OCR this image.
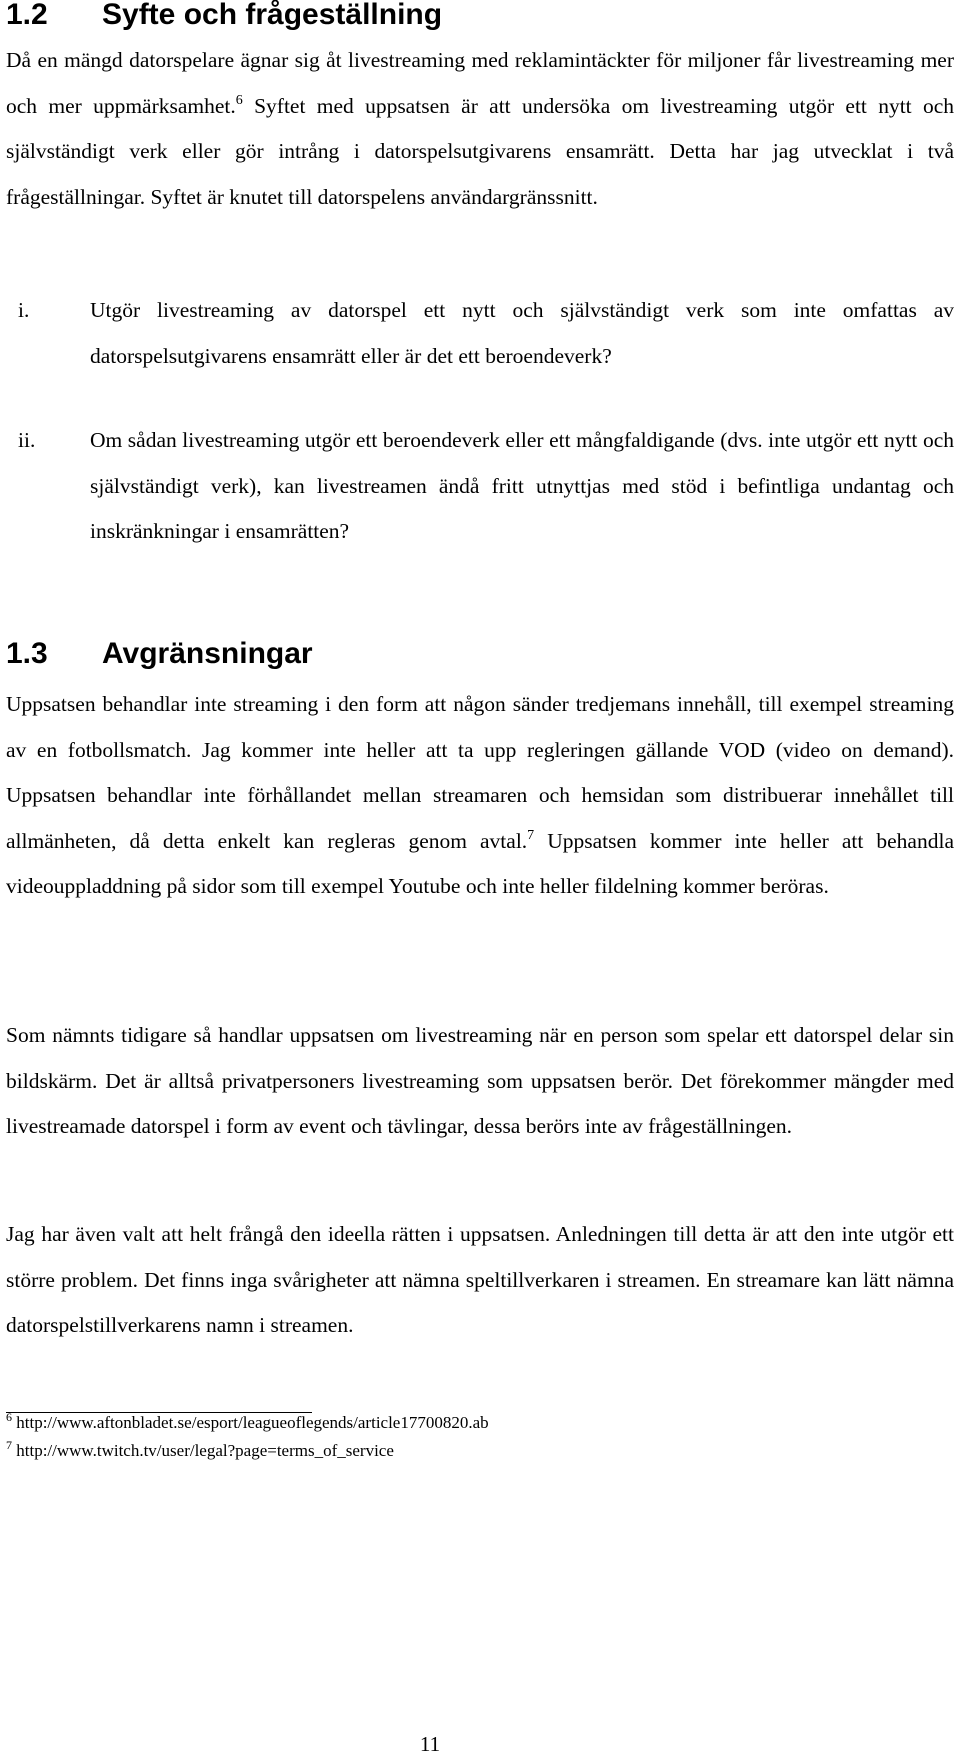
1.2 Syfte och frågeställning

Då en mängd datorspelare ägnar sig åt livestreaming med reklamintäckter för miljoner får livestreaming mer och mer uppmärksamhet.$^6$ Syftet med uppsatsen är att undersöka om livestreaming utgör ett nytt och självständigt verk eller gör intrång i datorspelsutgivarens ensamrätt. Detta har jag utvecklat i två frågeställningar. Syftet är knutet till datorspelens användargränssnitt.

i.	Utgör livestreaming av datorspel ett nytt och självständigt verk som inte omfattas av datorspelsutgivarens ensamrätt eller är det ett beroendeverk?

ii.	Om sådan livestreaming utgör ett beroendeverk eller ett mångfaldigande (dvs. inte utgör ett nytt och självständigt verk), kan livestreamen ändå fritt utnyttjas med stöd i befintliga undantag och inskränkningar i ensamrätten?

1.3 Avgränsningar

Uppsatsen behandlar inte streaming i den form att någon sänder tredjemans innehåll, till exempel streaming av en fotbollsmatch. Jag kommer inte heller att ta upp regleringen gällande VOD (video on demand). Uppsatsen behandlar inte förhållandet mellan streamaren och hemsidan som distribuerar innehållet till allmänheten, då detta enkelt kan regleras genom avtal.$^7$ Uppsatsen kommer inte heller att behandla videouppladdning på sidor som till exempel Youtube och inte heller fildelning kommer beröras.

Som nämnts tidigare så handlar uppsatsen om livestreaming när en person som spelar ett datorspel delar sin bildskärm. Det är alltså privatpersoners livestreaming som uppsatsen berör. Det förekommer mängder med livestreamade datorspel i form av event och tävlingar, dessa berörs inte av frågeställningen.

Jag har även valt att helt frångå den ideella rätten i uppsatsen. Anledningen till detta är att den inte utgör ett större problem. Det finns inga svårigheter att nämna speltillverkaren i streamen. En streamare kan lätt nämna datorspelstillverkarens namn i streamen.

$^6$ http://www.aftonbladet.se/esport/leagueoflegends/article17700820.ab
$^7$ http://www.twitch.tv/user/legal?page=terms_of_service
11
